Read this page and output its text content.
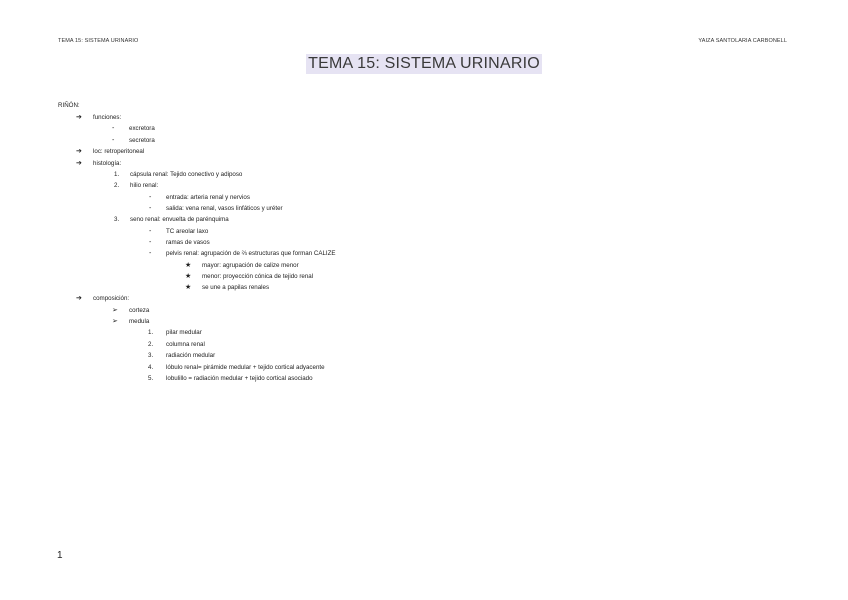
TEMA 15: SISTEMA URINARIO	YAIZA SANTOLARIA CARBONELL
TEMA 15: SISTEMA URINARIO
RIÑÓN:
➔ funciones:
- excretora
- secretora
➔ loc: retroperitoneal
➔ histología:
1. cápsula renal: Tejido conectivo y adiposo
2. hilio renal:
- entrada: arteria renal y nervios
- salida: vena renal, vasos linfáticos y uréter
3. seno renal: envuelta de parénquima
- TC areolar laxo
- ramas de vasos
- pelvis renal: agrupación de ⅔ estructuras que forman CALIZE
★ mayor: agrupación de calize menor
★ menor: proyección cónica de tejido renal
★ se une a papilas renales
➔ composición:
➢ corteza
➢ medula
1. pilar medular
2. columna renal
3. radiación medular
4. lóbulo renal= pirámide medular + tejido cortical adyacente
5. lobulillo = radiación medular + tejido cortical asociado
1
